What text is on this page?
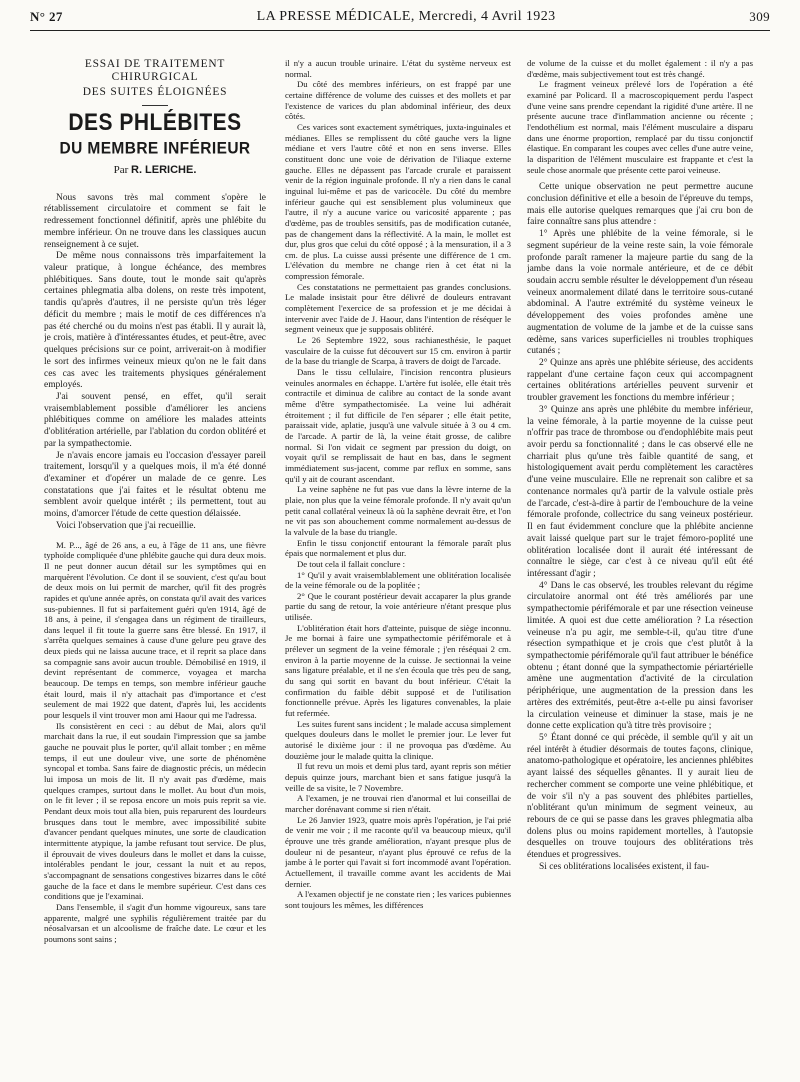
N° 27	LA PRESSE MÉDICALE, Mercredi, 4 Avril 1923	309
ESSAI DE TRAITEMENT CHIRURGICAL
DES SUITES ÉLOIGNÉES
DES PHLÉBITES
DU MEMBRE INFÉRIEUR
Par R. LERICHE.

Nous savons très mal comment s'opère le rétablissement circulatoire et comment se fait le redressement fonctionnel définitif, après une phlébite du membre inférieur. On ne trouve dans les classiques aucun renseignement à ce sujet.

De même nous connaissons très imparfaitement la valeur pratique, à longue échéance, des membres phlébitiques. Sans doute, tout le monde sait qu'après certaines phlegmatia alba dolens, on reste très impotent, tandis qu'après d'autres, il ne persiste qu'un très léger déficit du membre ; mais le motif de ces différences n'a pas été cherché ou du moins n'est pas établi. Il y aurait là, je crois, matière à d'intéressantes études, et peut-être, avec quelques précisions sur ce point, arriverait-on à modifier le sort des infirmes veineux mieux qu'on ne le fait dans ces cas avec les traitements physiques généralement employés.

J'ai souvent pensé, en effet, qu'il serait vraisemblablement possible d'améliorer les anciens phlébitiques comme on améliore les malades atteints d'oblitération artérielle, par l'ablation du cordon oblitéré et par la sympathectomie.

Je n'avais encore jamais eu l'occasion d'essayer pareil traitement, lorsqu'il y a quelques mois, il m'a été donné d'examiner et d'opérer un malade de ce genre. Les constatations que j'ai faites et le résultat obtenu me semblent avoir quelque intérêt ; ils permettent, tout au moins, d'amorcer l'étude de cette question délaissée.

Voici l'observation que j'ai recueillie.

M. P..., âgé de 26 ans, a eu, à l'âge de 11 ans, une fièvre typhoïde compliquée d'une phlébite gauche qui dura deux mois. Il ne peut donner aucun détail sur les symptômes qui en marquèrent l'évolution. Ce dont il se souvient, c'est qu'au bout de deux mois on lui permit de marcher, qu'il fit des progrès rapides et qu'une année après, on constata qu'il avait des varices sus-pubiennes. Il fut si parfaitement guéri qu'en 1914, âgé de 18 ans, à peine, il s'engagea dans un régiment de tirailleurs, dans lequel il fit toute la guerre sans être blessé. En 1917, il s'arrêta quelques semaines à cause d'une gelure peu grave des deux pieds qui ne laissa aucune trace, et il reprit sa place dans sa compagnie sans avoir aucun trouble. Démobilisé en 1919, il devint représentant de commerce, voyagea et marcha beaucoup. De temps en temps, son membre inférieur gauche était lourd, mais il n'y attachait pas d'importance et c'est seulement de mai 1922 que datent, d'après lui, les accidents pour lesquels il vint trouver mon ami Haour qui me l'adressa.

Ils consistèrent en ceci : au début de Mai, alors qu'il marchait dans la rue, il eut soudain l'impression que sa jambe gauche ne pouvait plus le porter, qu'il allait tomber ; en même temps, il eut une douleur vive, une sorte de phénomène syncopal et tomba. Sans faire de diagnostic précis, un médecin lui imposa un mois de lit. Il n'y avait pas d'œdème, mais quelques crampes, surtout dans le mollet. Au bout d'un mois, on le fit lever ; il se reposa encore un mois puis reprit sa vie. Pendant deux mois tout alla bien, puis reparurent des lourdeurs brusques dans tout le membre, avec impossibilité subite d'avancer pendant quelques minutes, une sorte de claudication intermittente atypique, la jambe refusant tout service. De plus, il éprouvait de vives douleurs dans le mollet et dans la cuisse, intolérables pendant le jour, cessant la nuit et au repos, s'accompagnant de sensations congestives bizarres dans le côté gauche de la face et dans le membre supérieur. C'est dans ces conditions que je l'examinai.

Dans l'ensemble, il s'agit d'un homme vigoureux, sans tare apparente, malgré une syphilis régulièrement traitée par du néosalvarsan et un alcoolisme de fraîche date. Le cœur et les poumons sont sains ;

il n'y a aucun trouble urinaire. L'état du système nerveux est normal.

Du côté des membres inférieurs, on est frappé par une certaine différence de volume des cuisses et des mollets et par l'existence de varices du plan abdominal inférieur, des deux côtés.

Ces varices sont exactement symétriques, juxta-inguinales et médianes. Elles se remplissent du côté gauche vers la ligne médiane et vers l'autre côté et non en sens inverse. Elles constituent donc une voie de dérivation de l'iliaque externe gauche. Elles ne dépassent pas l'arcade crurale et paraissent venir de la région inguinale profonde. Il n'y a rien dans le canal inguinal lui-même et pas de varicocèle. Du côté du membre inférieur gauche qui est sensiblement plus volumineux que l'autre, il n'y a aucune varice ou varicosité apparente ; pas d'œdème, pas de troubles sensitifs, pas de modification cutanée, pas de changement dans la réflectivité. A la main, le mollet est dur, plus gros que celui du côté opposé ; à la mensuration, il a 3 cm. de plus. La cuisse aussi présente une différence de 1 cm. L'élévation du membre ne change rien à cet état ni la compression fémorale.

Ces constatations ne permettaient pas grandes conclusions. Le malade insistait pour être délivré de douleurs entravant complètement l'exercice de sa profession et je me décidai à intervenir avec l'aide de J. Haour, dans l'intention de réséquer le segment veineux que je supposais oblitéré.

Le 26 Septembre 1922, sous rachianesthésie, le paquet vasculaire de la cuisse fut découvert sur 15 cm. environ à partir de la base du triangle de Scarpa, à travers de doigt de l'arcade.

Dans le tissu cellulaire, l'incision rencontra plusieurs veinules anormales en échappe. L'artère fut isolée, elle était très contractile et diminua de calibre au contact de la sonde avant même d'être sympathectomisée. La veine lui adhérait étroitement ; il fut difficile de l'en séparer ; elle était petite, paraissait vide, aplatie, jusqu'à une valvule située à 3 ou 4 cm. de l'arcade. A partir de là, la veine était grosse, de calibre normal. Si l'on vidait ce segment par pression du doigt, on voyait qu'il se remplissait de haut en bas, dans le segment immédiatement sus-jacent, comme par reflux en somme, sans qu'il y ait de courant ascendant.

La veine saphène ne fut pas vue dans la lèvre interne de la plaie, non plus que la veine fémorale profonde. Il n'y avait qu'un petit canal collatéral veineux là où la saphène devrait être, et l'on ne vit pas son abouchement comme normalement au-dessus de la valvule de la base du triangle.

Enfin le tissu conjonctif entourant la fémorale paraît plus épais que normalement et plus dur.

De tout cela il fallait conclure :

1° Qu'il y avait vraisemblablement une oblitération localisée de la veine fémorale ou de la poplitée ;

2° Que le courant postérieur devait accaparer la plus grande partie du sang de retour, la voie antérieure n'étant presque plus utilisée.

L'oblitération était hors d'atteinte, puisque de siège inconnu. Je me bornai à faire une sympathectomie périfémorale et à prélever un segment de la veine fémorale ; j'en réséquai 2 cm. environ à la partie moyenne de la cuisse. Je sectionnai la veine sans ligature préalable, et il ne s'en écoula que très peu de sang, du sang qui sortit en bavant du bout inférieur. C'était la confirmation du faible débit supposé et de l'utilisation fonctionnelle prévue. Après les ligatures convenables, la plaie fut refermée.

Les suites furent sans incident ; le malade accusa simplement quelques douleurs dans le mollet le premier jour. Le lever fut autorisé le dixième jour : il ne provoqua pas d'œdème. Au douzième jour le malade quitta la clinique.

Il fut revu un mois et demi plus tard, ayant repris son métier depuis quinze jours, marchant bien et sans fatigue jusqu'à la veille de sa visite, le 7 Novembre.

A l'examen, je ne trouvai rien d'anormal et lui conseillai de marcher dorénavant comme si rien n'était.

Le 26 Janvier 1923, quatre mois après l'opération, je l'ai prié de venir me voir ; il me raconte qu'il va beaucoup mieux, qu'il éprouve une très grande amélioration, n'ayant presque plus de douleur ni de pesanteur, n'ayant plus éprouvé ce refus de la jambe à le porter qui l'avait si fort incommodé avant l'opération. Actuellement, il travaille comme avant les accidents de Mai dernier.

A l'examen objectif je ne constate rien ; les varices pubiennes sont toujours les mêmes, les différences

de volume de la cuisse et du mollet également : il n'y a pas d'œdème, mais subjectivement tout est très changé.

Le fragment veineux prélevé lors de l'opération a été examiné par Policard. Il a macroscopiquement perdu l'aspect d'une veine sans prendre cependant la rigidité d'une artère. Il ne présente aucune trace d'inflammation ancienne ou récente ; l'endothélium est normal, mais l'élément musculaire a disparu dans une énorme proportion, remplacé par du tissu conjonctif élastique. En comparant les coupes avec celles d'une autre veine, la disparition de l'élément musculaire est frappante et c'est la seule chose anormale que présente cette paroi veineuse.

Cette unique observation ne peut permettre aucune conclusion définitive et elle a besoin de l'épreuve du temps, mais elle autorise quelques remarques que j'ai cru bon de faire connaître sans plus attendre :

1° Après une phlébite de la veine fémorale, si le segment supérieur de la veine reste sain, la voie fémorale profonde paraît ramener la majeure partie du sang de la jambe dans la voie normale antérieure, et de ce débit soudain accru semble résulter le développement d'un réseau veineux anormalement dilaté dans le territoire sous-cutané abdominal. A l'autre extrémité du système veineux le développement des voies profondes amène une augmentation de volume de la jambe et de la cuisse sans œdème, sans varices superficielles ni troubles trophiques cutanés ;

2° Quinze ans après une phlébite sérieuse, des accidents rappelant d'une certaine façon ceux qui accompagnent certaines oblitérations artérielles peuvent survenir et troubler gravement les fonctions du membre inférieur ;

3° Quinze ans après une phlébite du membre inférieur, la veine fémorale, à la partie moyenne de la cuisse peut n'offrir pas trace de thrombose ou d'endophlébite mais peut avoir perdu sa fonctionnalité ; dans le cas observé elle ne charriait plus qu'une très faible quantité de sang, et histologiquement avait perdu complètement les caractères d'une veine musculaire. Elle ne reprenait son calibre et sa contenance normales qu'à partir de la valvule ostiale près de l'arcade, c'est-à-dire à partir de l'embouchure de la veine fémorale profonde, collectrice du sang veineux postérieur. Il en faut évidemment conclure que la phlébite ancienne avait laissé quelque part sur le trajet fémoro-poplité une oblitération localisée dont il aurait été intéressant de connaître le siège, car c'est à ce niveau qu'il eût été intéressant d'agir ;

4° Dans le cas observé, les troubles relevant du régime circulatoire anormal ont été très améliorés par une sympathectomie périfémorale et par une résection veineuse limitée. A quoi est due cette amélioration ? La résection veineuse n'a pu agir, me semble-t-il, qu'au titre d'une résection sympathique et je crois que c'est plutôt à la sympathectomie périfémorale qu'il faut attribuer le bénéfice obtenu ; étant donné que la sympathectomie périartérielle amène une augmentation d'activité de la circulation périphérique, une augmentation de la pression dans les artères des extrémités, peut-être a-t-elle pu ainsi favoriser la circulation veineuse et diminuer la stase, mais je ne donne cette explication qu'à titre très provisoire ;

5° Étant donné ce qui précède, il semble qu'il y ait un réel intérêt à étudier désormais de toutes façons, clinique, anatomo-pathologique et opératoire, les anciennes phlébites ayant laissé des séquelles gênantes. Il y aurait lieu de rechercher comment se comporte une veine phlébitique, et de voir s'il n'y a pas souvent des phlébites partielles, n'oblitérant qu'un minimum de segment veineux, au rebours de ce qui se passe dans les graves phlegmatia alba dolens plus ou moins rapidement mortelles, à l'autopsie desquelles on trouve toujours des oblitérations très étendues et progressives.

Si ces oblitérations localisées existent, il fau-
